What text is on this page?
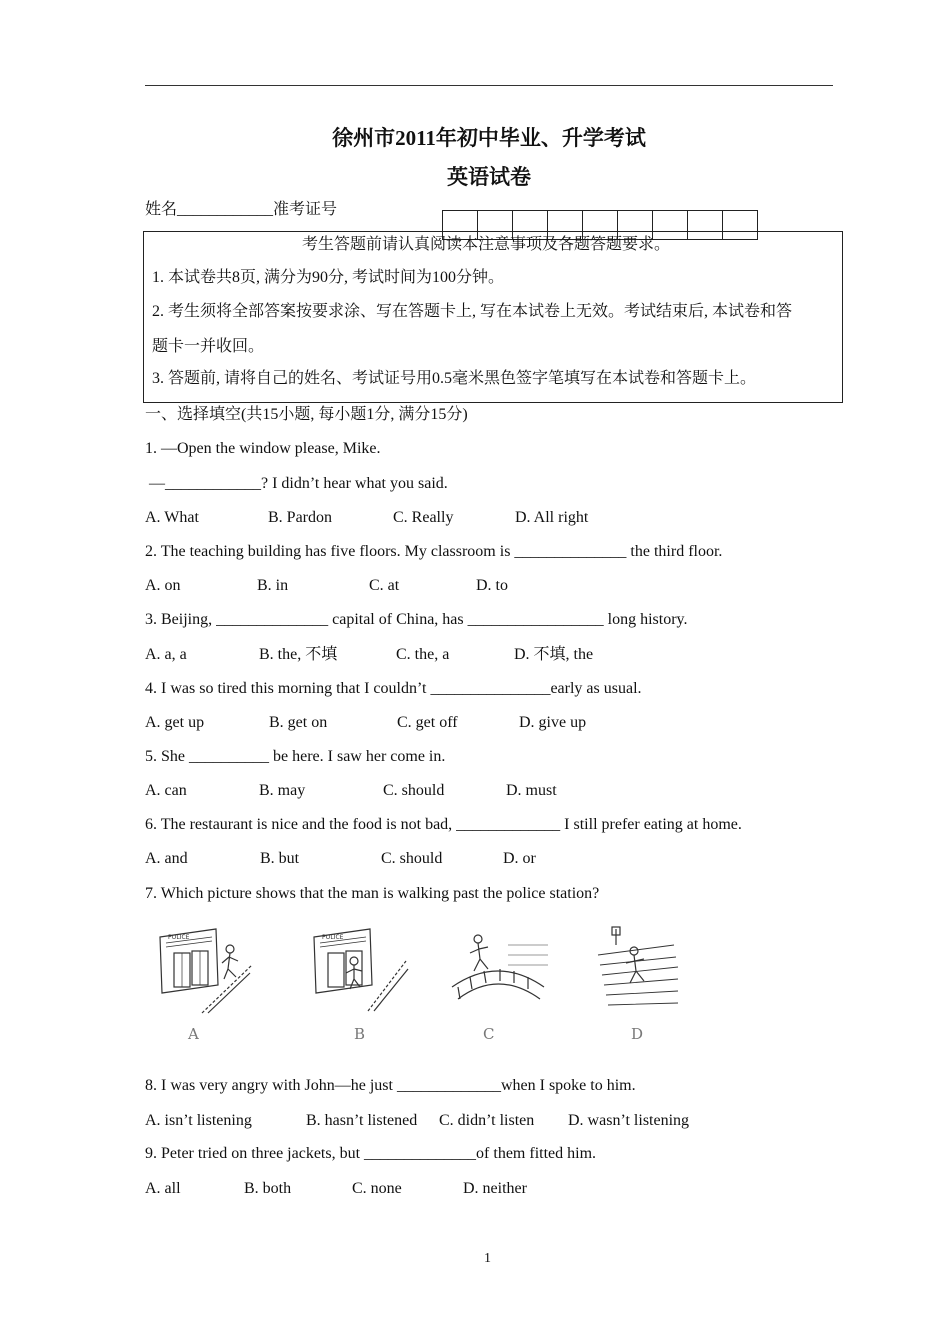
徐州市2011年初中毕业、升学考试
英语试卷
姓名____________准考证号
考生答题前请认真阅读本注意事项及各题答题要求。
1. 本试卷共8页, 满分为90分, 考试时间为100分钟。
2. 考生须将全部答案按要求涂、写在答题卡上, 写在本试卷上无效。考试结束后, 本试卷和答
题卡一并收回。
3. 答题前, 请将自己的姓名、考试证号用0.5毫米黑色签字笔填写在本试卷和答题卡上。
一、选择填空(共15小题, 每小题1分, 满分15分)
1. —Open the window please, Mike.
—____________? I didn’t hear what you said.
A. What	B. Pardon	C. Really	D. All right
2. The teaching building has five floors. My classroom is ______________ the third floor.
A. on	B. in	C. at	D. to
3. Beijing, ______________ capital of China, has _________________ long history.
A. a, a	B. the, 不填	C. the, a	D. 不填, the
4. I was so tired this morning that I couldn’t _______________early as usual.
A. get up	B. get on	C. get off	D. give up
5. She __________ be here. I saw her come in.
A. can	B. may	C. should	D. must
6. The restaurant is nice and the food is not bad, _____________ I still prefer eating at home.
A. and	B. but	C. should	D. or
7. Which picture shows that the man is walking past the police station?
POLICE	POLICE
A	B	C	D
8. I was very angry with John—he just _____________when I spoke to him.
A. isn’t listening	B. hasn’t listened C. didn’t listen D. wasn’t listening
9. Peter tried on three jackets, but ______________of them fitted him.
A. all	B. both	C. none	D. neither
1
